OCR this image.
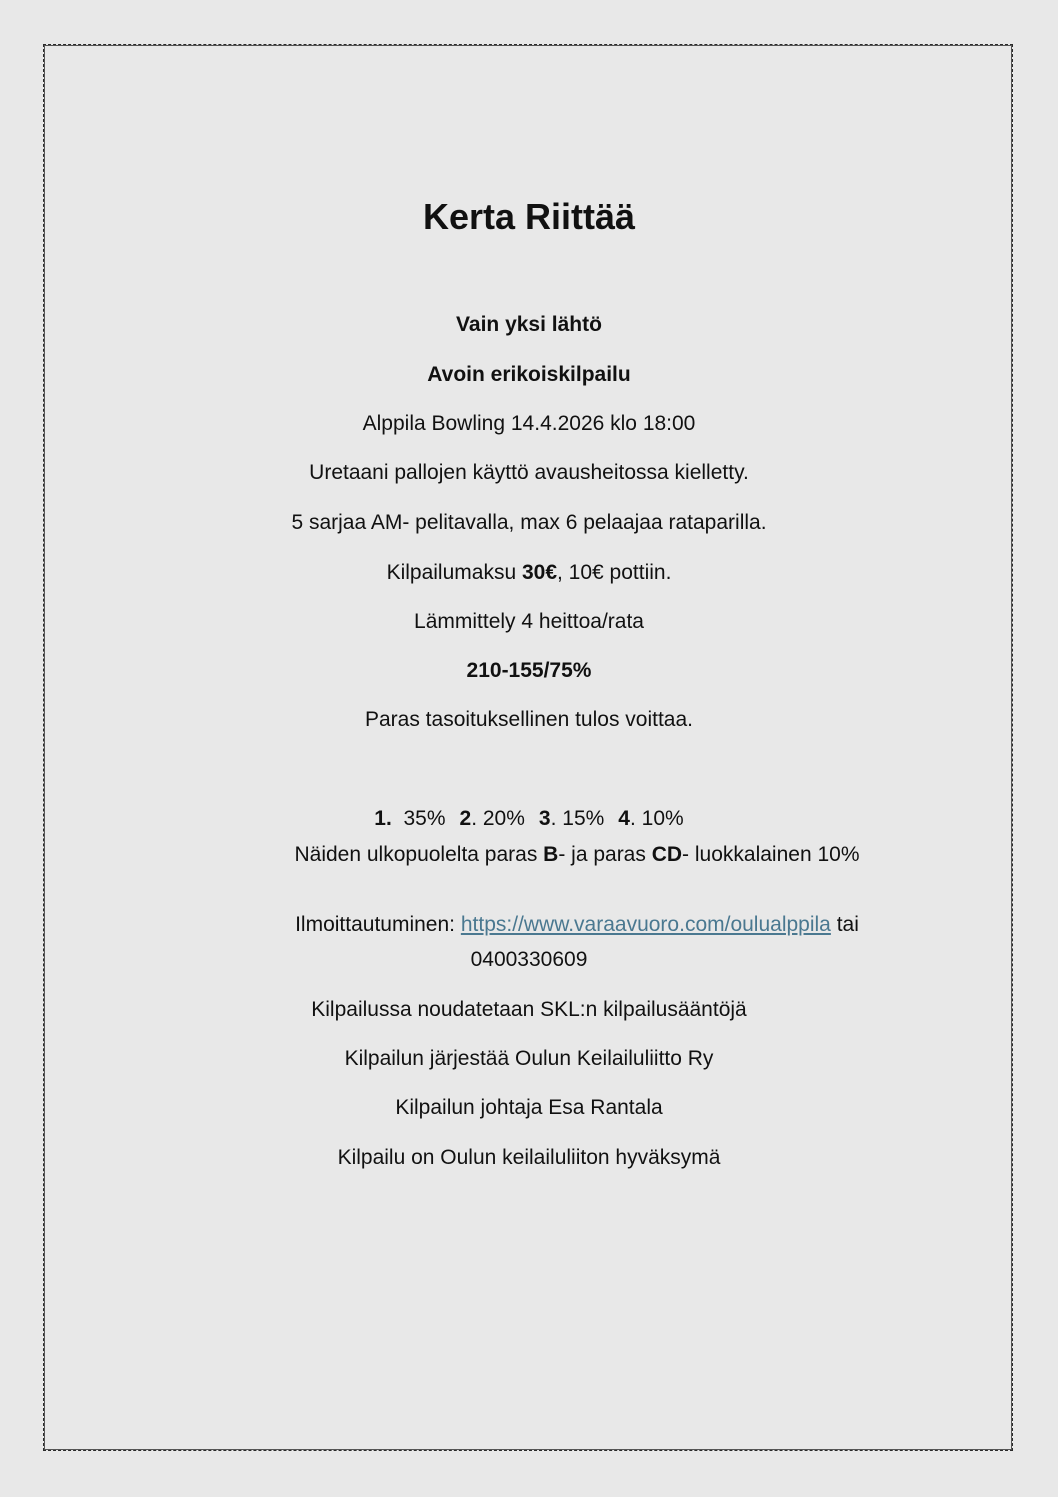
Kerta Riittää
Vain yksi lähtö
Avoin erikoiskilpailu
Alppila Bowling 14.4.2026 klo 18:00
Uretaani pallojen käyttö avausheitossa kielletty.
5 sarjaa AM- pelitavalla, max 6 pelaajaa rataparilla.
Kilpailumaksu 30€, 10€ pottiin.
Lämmittely 4 heittoa/rata
210-155/75%
Paras tasoituksellinen tulos voittaa.
1. 35% 2. 20% 3. 15% 4. 10%
Näiden ulkopuolelta paras B- ja paras CD- luokkalainen 10%
Ilmoittautuminen: https://www.varaavuoro.com/oulualppila tai
0400330609
Kilpailussa noudatetaan SKL:n kilpailusääntöjä
Kilpailun järjestää Oulun Keilailuliitto Ry
Kilpailun johtaja Esa Rantala
Kilpailu on Oulun keilailuliiton hyväksymä
